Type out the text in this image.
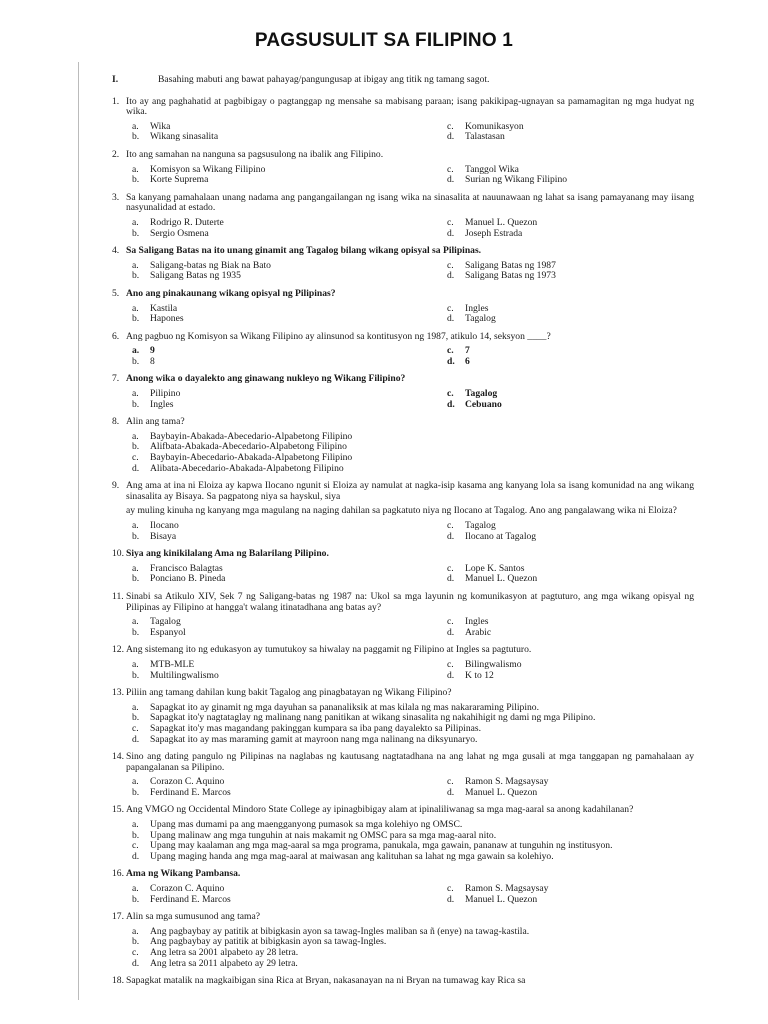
PAGSUSULIT SA FILIPINO 1
I.	Basahing mabuti ang bawat pahayag/pangungusap at ibigay ang titik ng tamang sagot.
1. Ito ay ang paghahatid at pagbibigay o pagtanggap ng mensahe sa mabisang paraan; isang pakikipag-ugnayan sa pamamagitan ng mga hudyat ng wika.
a.	Wika	c.	Komunikasyon
b.	Wikang sinasalita	d.	Talastasan
2. Ito ang samahan na nanguna sa pagsusulong na ibalik ang Filipino.
a.	Komisyon sa Wikang Filipino	c.	Tanggol Wika
b.	Korte Suprema	d.	Surian ng Wikang Filipino
3. Sa kanyang pamahalaan unang nadama ang pangangailangan ng isang wika na sinasalita at nauunawaan ng lahat sa isang pamayanang may iisang nasyunalidad at estado.
a.	Rodrigo R. Duterte	c.	Manuel L. Quezon
b.	Sergio Osmena	d.	Joseph Estrada
4. Sa Saligang Batas na ito unang ginamit ang Tagalog bilang wikang opisyal sa Pilipinas.
a.	Saligang-batas ng Biak na Bato	c.	Saligang Batas ng 1987
b.	Saligang Batas ng 1935	d.	Saligang Batas ng 1973
5. Ano ang pinakaunang wikang opisyal ng Pilipinas?
a.	Kastila	c.	Ingles
b.	Hapones	d.	Tagalog
6. Ang pagbuo ng Komisyon sa Wikang Filipino ay alinsunod sa kontitusyon ng 1987, atikulo 14, seksyon ____?
a.	9	c.	7
b.	8	d.	6
7. Anong wika o dayalekto ang ginawang nukleyo ng Wikang Filipino?
a.	Pilipino	c.	Tagalog
b.	Ingles	d.	Cebuano
8. Alin ang tama?
a.	Baybayin-Abakada-Abecedario-Alpabetong Filipino
b.	Alifbata-Abakada-Abecedario-Alpabetong Filipino
c.	Baybayin-Abecedario-Abakada-Alpabetong Filipino
d.	Alibata-Abecedario-Abakada-Alpabetong Filipino
9. Ang ama at ina ni Eloiza ay kapwa Ilocano ngunit si Eloiza ay namulat at nagka-isip kasama ang kanyang lola sa isang komunidad na ang wikang sinasalita ay Bisaya. Sa pagpatong niya sa hayskul, siya
ay muling kinuha ng kanyang mga magulang na naging dahilan sa pagkatuto niya ng Ilocano at Tagalog. Ano ang pangalawang wika ni Eloiza?
a.	Ilocano	c.	Tagalog
b.	Bisaya	d.	Ilocano at Tagalog
10. Siya ang kinikilalang Ama ng Balarilang Pilipino.
a.	Francisco Balagtas	c.	Lope K. Santos
b.	Ponciano B. Pineda	d.	Manuel L. Quezon
11. Sinabi sa Atikulo XIV, Sek 7 ng Saligang-batas ng 1987 na: Ukol sa mga layunin ng komunikasyon at pagtuturo, ang mga wikang opisyal ng Pilipinas ay Filipino at hangga't walang itinatadhana ang batas ay?
a.	Tagalog	c.	Ingles
b.	Espanyol	d.	Arabic
12. Ang sistemang ito ng edukasyon ay tumutukoy sa hiwalay na paggamit ng Filipino at Ingles sa pagtuturo.
a.	MTB-MLE	c.	Bilingwalismo
b.	Multilingwalismo	d.	K to 12
13. Piliin ang tamang dahilan kung bakit Tagalog ang pinagbatayan ng Wikang Filipino?
a.	Sapagkat ito ay ginamit ng mga dayuhan sa pananaliksik at mas kilala ng mas nakararaming Pilipino.
b.	Sapagkat ito'y nagtataglay ng malinang nang panitikan at wikang sinasalita ng nakahihigit ng dami ng mga Pilipino.
c.	Sapagkat ito'y mas magandang pakinggan kumpara sa iba pang dayalekto sa Pilipinas.
d.	Sapagkat ito ay mas maraming gamit at mayroon nang mga nalinang na diksyunaryo.
14. Sino ang dating pangulo ng Pilipinas na naglabas ng kautusang nagtatadhana na ang lahat ng mga gusali at mga tanggapan ng pamahalaan ay papangalanan sa Pilipino.
a.	Corazon C. Aquino	c.	Ramon S. Magsaysay
b.	Ferdinand E. Marcos	d.	Manuel L. Quezon
15. Ang VMGO ng Occidental Mindoro State College ay ipinagbibigay alam at ipinaliliwanag sa mga mag-aaral sa anong kadahilanan?
a.	Upang mas dumami pa ang maengganyong pumasok sa mga kolehiyo ng OMSC.
b.	Upang malinaw ang mga tunguhin at nais makamit ng OMSC para sa mga mag-aaral nito.
c.	Upang may kaalaman ang mga mag-aaral sa mga programa, panukala, mga gawain, pananaw at tunguhin ng institusyon.
d.	Upang maging handa ang mga mag-aaral at maiwasan ang kalituhan sa lahat ng mga gawain sa kolehiyo.
16. Ama ng Wikang Pambansa.
a.	Corazon C. Aquino	c.	Ramon S. Magsaysay
b.	Ferdinand E. Marcos	d.	Manuel L. Quezon
17. Alin sa mga sumusunod ang tama?
a.	Ang pagbaybay ay patitik at bibigkasin ayon sa tawag-Ingles maliban sa ñ (enye) na tawag-kastila.
b.	Ang pagbaybay ay patitik at bibigkasin ayon sa tawag-Ingles.
c.	Ang letra sa 2001 alpabeto ay 28 letra.
d.	Ang letra sa 2011 alpabeto ay 29 letra.
18. Sapagkat matalik na magkaibigan sina Rica at Bryan, nakasanayan na ni Bryan na tumawag kay Rica sa
